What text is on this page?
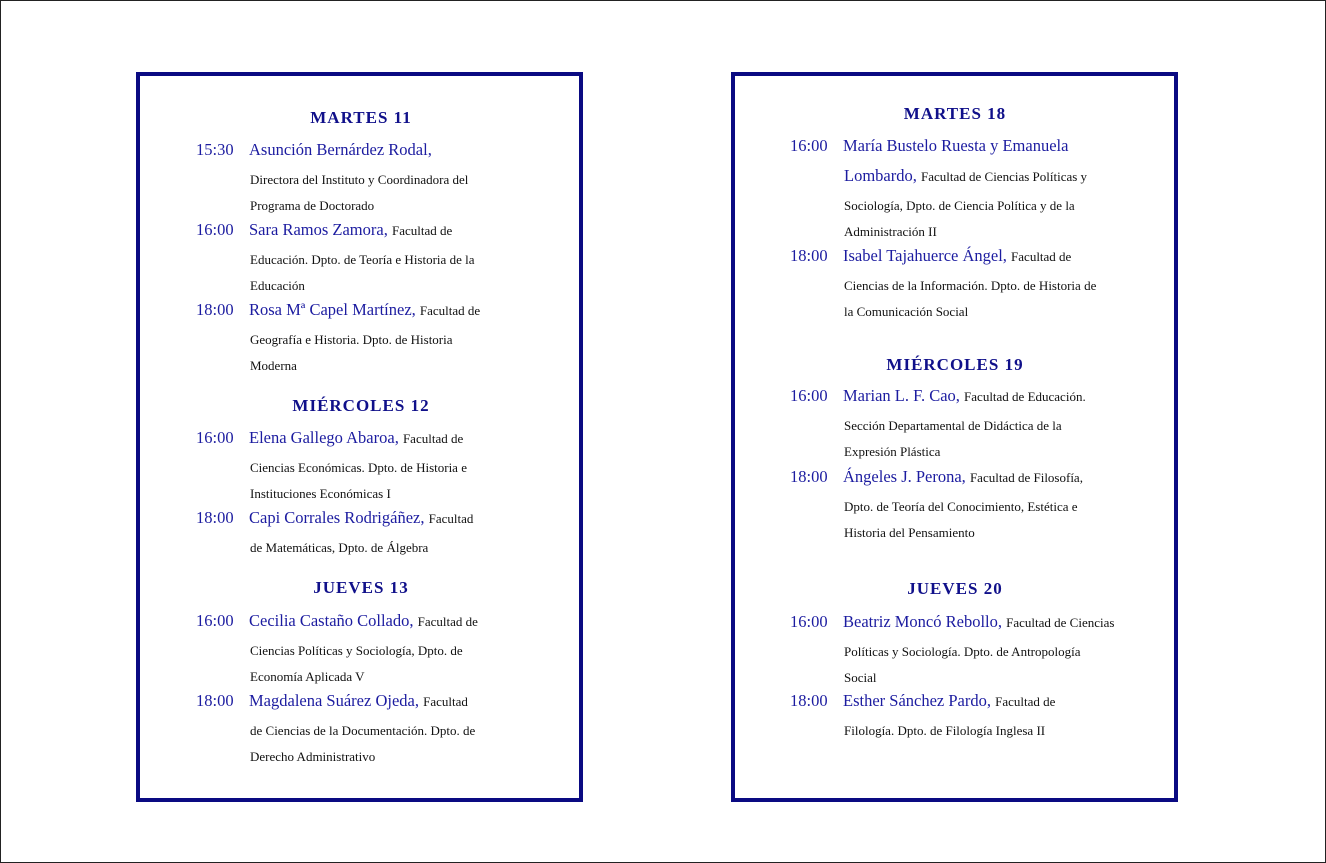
MARTES 11
15:30 Asunción Bernárdez Rodal,
Directora del Instituto y Coordinadora del
Programa de Doctorado
16:00 Sara Ramos Zamora, Facultad de
Educación. Dpto. de Teoría e Historia de la
Educación
18:00 Rosa Mª Capel Martínez, Facultad de
Geografía e Historia. Dpto. de Historia
Moderna
MIÉRCOLES 12
16:00 Elena Gallego Abaroa, Facultad de
Ciencias Económicas. Dpto. de Historia e
Instituciones Económicas I
18:00 Capi Corrales Rodrigáñez, Facultad
de Matemáticas, Dpto. de Álgebra
JUEVES 13
16:00 Cecilia Castaño Collado, Facultad de
Ciencias Políticas y Sociología, Dpto. de
Economía Aplicada V
18:00 Magdalena Suárez Ojeda, Facultad
de Ciencias de la Documentación. Dpto. de
Derecho Administrativo
MARTES 18
16:00 María Bustelo Ruesta y Emanuela
Lombardo, Facultad de Ciencias Políticas y
Sociología, Dpto. de Ciencia Política y de la
Administración II
18:00 Isabel Tajahuerce Ángel, Facultad de
Ciencias de la Información. Dpto. de Historia de
la Comunicación Social
MIÉRCOLES 19
16:00 Marian L. F. Cao, Facultad de Educación.
Sección Departamental de Didáctica de la
Expresión Plástica
18:00 Ángeles J. Perona, Facultad de Filosofía,
Dpto. de Teoría del Conocimiento, Estética e
Historia del Pensamiento
JUEVES 20
16:00 Beatriz Moncó Rebollo, Facultad de Ciencias
Políticas y Sociología. Dpto. de Antropología
Social
18:00 Esther Sánchez Pardo, Facultad de
Filología. Dpto. de Filología Inglesa II
